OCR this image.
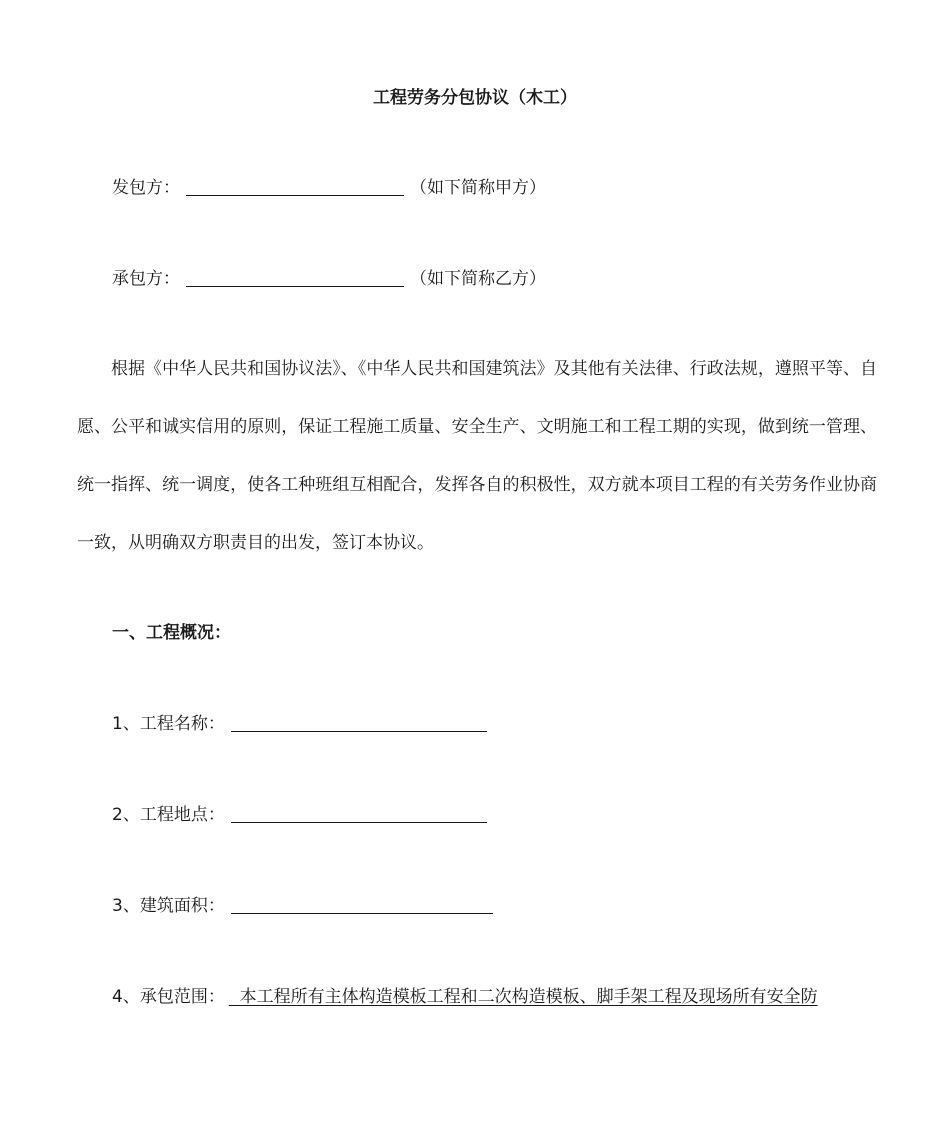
工程劳务分包协议（木工）
发包方：	（如下简称甲方）
承包方：	（如下简称乙方）
根据《中华人民共和国协议法》、《中华人民共和国建筑法》及其他有关法律、行政法规，遵照平等、自愿、公平和诚实信用的原则，保证工程施工质量、安全生产、文明施工和工程工期的实现，做到统一管理、统一指挥、统一调度，使各工种班组互相配合，发挥各自的积极性，双方就本项目工程的有关劳务作业协商一致，从明确双方职责目的出发，签订本协议。
一、工程概况：
1、工程名称：
2、工程地点：
3、建筑面积：
4、承包范围：  本工程所有主体构造模板工程和二次构造模板、脚手架工程及现场所有安全防
